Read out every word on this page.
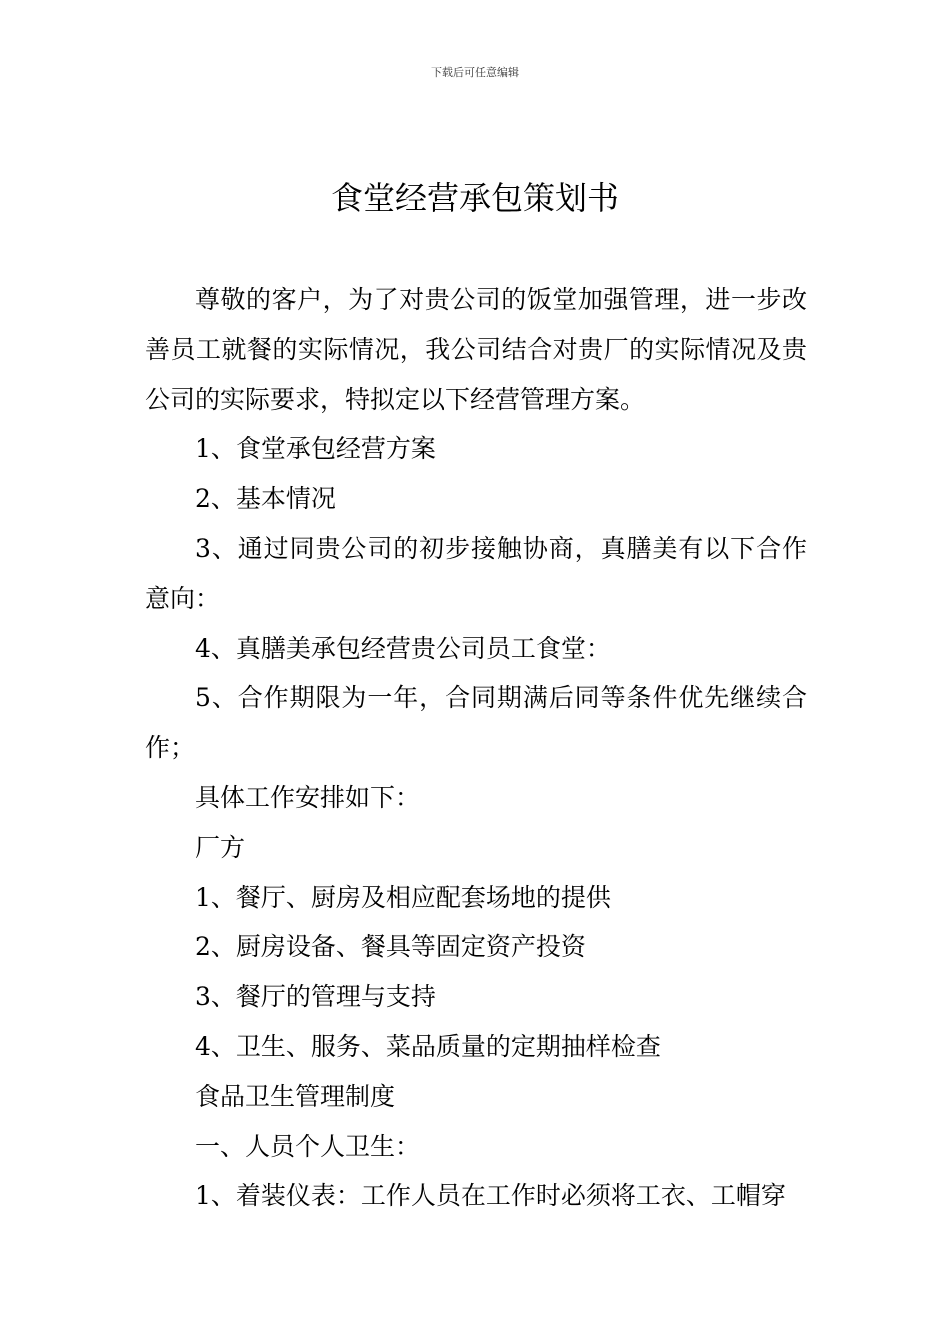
下载后可任意编辑
食堂经营承包策划书

尊敬的客户，为了对贵公司的饭堂加强管理，进一步改善员工就餐的实际情况，我公司结合对贵厂的实际情况及贵公司的实际要求，特拟定以下经营管理方案。

1、食堂承包经营方案

2、基本情况

3、通过同贵公司的初步接触协商，真膳美有以下合作意向：

4、真膳美承包经营贵公司员工食堂：

5、合作期限为一年，合同期满后同等条件优先继续合作；

具体工作安排如下：

厂方

1、餐厅、厨房及相应配套场地的提供

2、厨房设备、餐具等固定资产投资

3、餐厅的管理与支持

4、卫生、服务、菜品质量的定期抽样检查

食品卫生管理制度

一、人员个人卫生：

1、着装仪表：工作人员在工作时必须将工衣、工帽穿
